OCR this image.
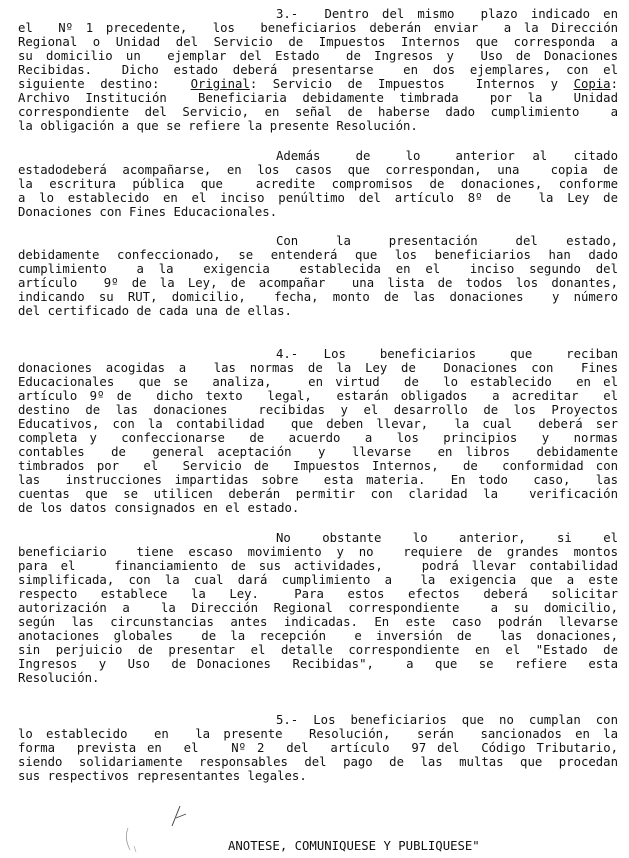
3.-  Dentro del mismo  plazo indicado en
el  Nº 1 precedente,  los  beneficiarios deberán enviar  a la Dirección
Regional o Unidad del Servicio de Impuestos Internos que corresponda a
su domicilio un  ejemplar del Estado  de Ingresos y  Uso de Donaciones
Recibidas.  Dicho estado deberá presentarse  en dos ejemplares, con el
siguiente destino:  Original: Servicio de Impuestos  Internos y Copia:
Archivo Institución  Beneficiaria debidamente timbrada  por la  Unidad
correspondiente del Servicio, en señal de haberse dado cumplimiento  a
la obligación a que se refiere la presente Resolución.
Además    de    lo    anterior  al   citado
estadodeberá acompañarse, en los casos que correspondan, una  copia de
la escritura pública que  acredite compromisos de donaciones, conforme
a lo establecido en el inciso penúltimo del artículo 8º de  la Ley de
Donaciones con Fines Educacionales.
Con    la    presentación    del   estado,
debidamente confeccionado, se entenderá que los beneficiarios han dado
cumplimiento  a la  exigencia  establecida en el  inciso segundo del
artículo  9º de la Ley, de acompañar  una lista de todos los donantes,
indicando su RUT, domicilio,  fecha, monto de las donaciones  y número
del certificado de cada una de ellas.
4.-   Los    beneficiarios    que    reciban
donaciones acogidas a  las normas de la Ley de  Donaciones con  Fines
Educacionales  que se  analiza,   en virtud  de  lo establecido  en el
artículo 9º de  dicho texto  legal,  estarán obligados  a acreditar  el
destino de las donaciones  recibidas y el desarrollo de los Proyectos
Educativos, con la contabilidad  que deben llevar,  la cual  deberá ser
completa y  confeccionarse  de  acuerdo  a  los  principios  y  normas
contables  de  general aceptación  y  llevarse  en libros  debidamente
timbrados por  el  Servicio de  Impuestos Internos,  de  conformidad con
las  instrucciones impartidas sobre  esta materia.  En todo  caso,  las
cuentas que se utilicen deberán permitir con claridad la  verificación
de los datos consignados en el estado.
No    obstante    lo    anterior,    si    el
beneficiario  tiene escaso movimiento y no  requiere de grandes montos
para el   financiamiento de sus actividades,   podrá llevar contabilidad
simplificada, con la cual dará cumplimiento a  la exigencia que a este
respecto  establece  la  Ley.   Para  estos  efectos  deberá  solicitar
autorización a  la Dirección Regional correspondiente  a su domicilio,
según las circunstancias antes indicadas. En este caso podrán llevarse
anotaciones globales  de la recepción  e inversión de  las donaciones,
sin perjuicio de presentar el detalle correspondiente en el "Estado de
Ingresos  y  Uso  de Donaciones  Recibidas",   a  que  se  refiere  esta
Resolución.
5.- Los beneficiarios que no cumplan con
lo establecido  en  la presente  Resolución,  serán  sancionados en la
forma  prevista en  el   Nº 2  del  artículo  97 del  Código Tributario,
siendo solidariamente responsables del pago de las multas que procedan
sus respectivos representantes legales.
ANOTESE, COMUNIQUESE Y PUBLIQUESE"
